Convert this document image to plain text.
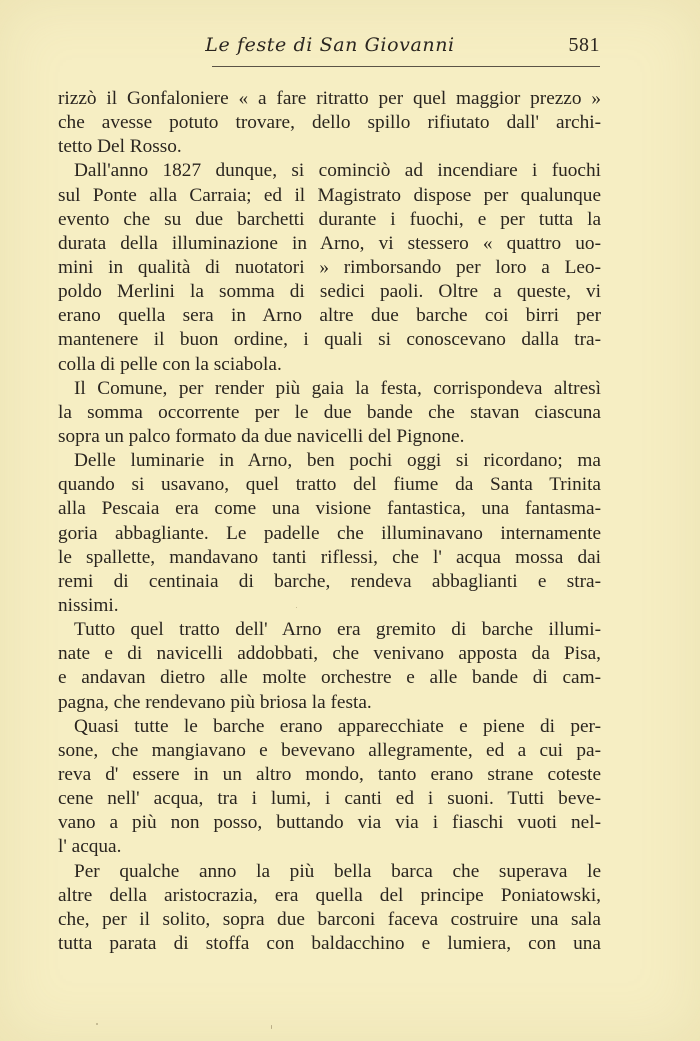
Le feste di San Giovanni	581
rizzò il Gonfaloniere « a fare ritratto per quel maggior prezzo »
che avesse potuto trovare, dello spillo rifiutato dall' archi-
tetto Del Rosso.
Dall'anno 1827 dunque, si cominciò ad incendiare i fuochi
sul Ponte alla Carraia; ed il Magistrato dispose per qualunque
evento che su due barchetti durante i fuochi, e per tutta la
durata della illuminazione in Arno, vi stessero « quattro uo-
mini in qualità di nuotatori » rimborsando per loro a Leo-
poldo Merlini la somma di sedici paoli. Oltre a queste, vi
erano quella sera in Arno altre due barche coi birri per
mantenere il buon ordine, i quali si conoscevano dalla tra-
colla di pelle con la sciabola.
Il Comune, per render più gaia la festa, corrispondeva altresì
la somma occorrente per le due bande che stavan ciascuna
sopra un palco formato da due navicelli del Pignone.
Delle luminarie in Arno, ben pochi oggi si ricordano; ma
quando si usavano, quel tratto del fiume da Santa Trinita
alla Pescaia era come una visione fantastica, una fantasma-
goria abbagliante. Le padelle che illuminavano internamente
le spallette, mandavano tanti riflessi, che l' acqua mossa dai
remi di centinaia di barche, rendeva abbaglianti e stra-
nissimi.
Tutto quel tratto dell' Arno era gremito di barche illumi-
nate e di navicelli addobbati, che venivano apposta da Pisa,
e andavan dietro alle molte orchestre e alle bande di cam-
pagna, che rendevano più briosa la festa.
Quasi tutte le barche erano apparecchiate e piene di per-
sone, che mangiavano e bevevano allegramente, ed a cui pa-
reva d' essere in un altro mondo, tanto erano strane coteste
cene nell' acqua, tra i lumi, i canti ed i suoni. Tutti beve-
vano a più non posso, buttando via via i fiaschi vuoti nel-
l' acqua.
Per qualche anno la più bella barca che superava le
altre della aristocrazia, era quella del principe Poniatowski,
che, per il solito, sopra due barconi faceva costruire una sala
tutta parata di stoffa con baldacchino e lumiera, con una
